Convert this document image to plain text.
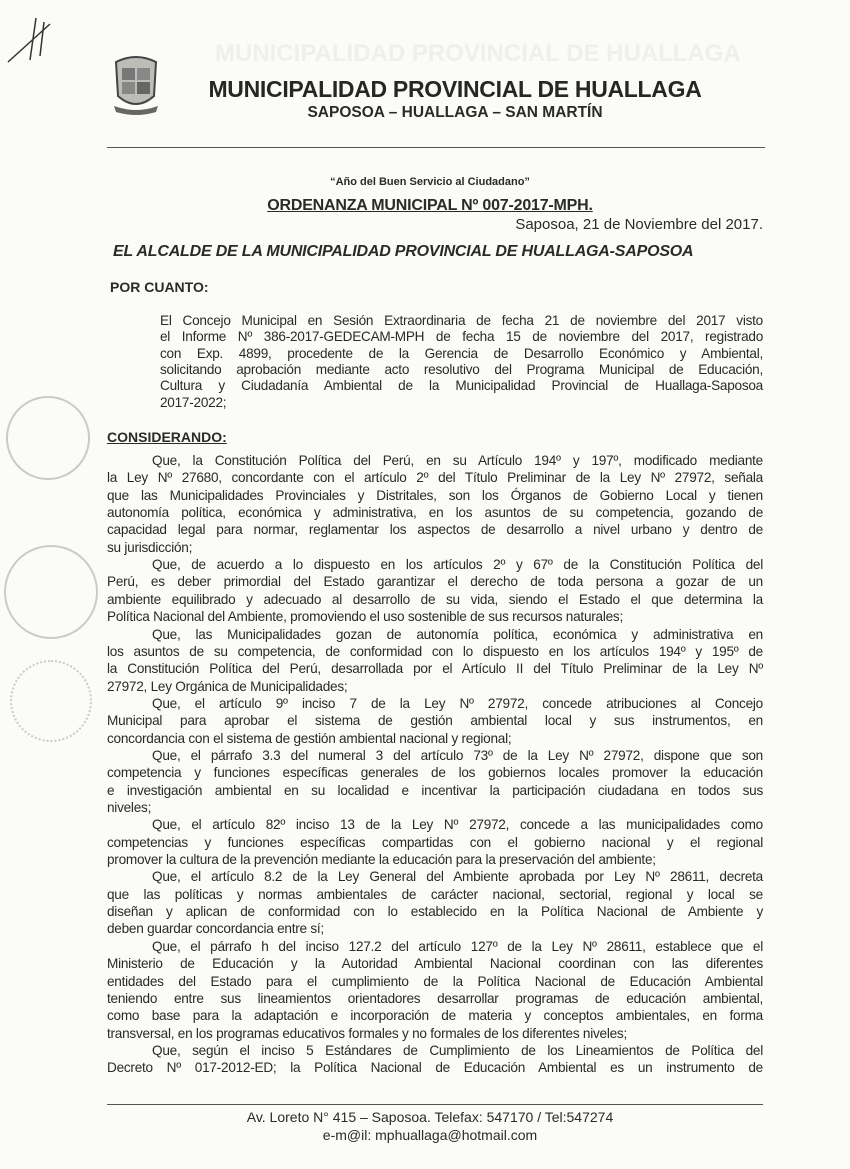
MUNICIPALIDAD PROVINCIAL DE HUALLAGA
MUNICIPALIDAD PROVINCIAL DE HUALLAGA
SAPOSOA – HUALLAGA – SAN MARTÍN
“Año del Buen Servicio al Ciudadano”
ORDENANZA MUNICIPAL Nº 007-2017-MPH.
Saposoa, 21 de Noviembre del 2017.
EL ALCALDE DE LA MUNICIPALIDAD PROVINCIAL DE HUALLAGA-SAPOSOA
POR CUANTO:
CONSIDERANDO:
El Concejo Municipal en Sesión Extraordinaria de fecha 21 de noviembre del 2017 visto
el Informe Nº 386-2017-GEDECAM-MPH de fecha 15 de noviembre del 2017, registrado
con Exp. 4899, procedente de la Gerencia de Desarrollo Económico y Ambiental,
solicitando aprobación mediante acto resolutivo del Programa Municipal de Educación,
Cultura y Ciudadanía Ambiental de la Municipalidad Provincial de Huallaga-Saposoa
2017-2022;
Que, la Constitución Política del Perú, en su Artículo 194º y 197º, modificado mediante
la Ley Nº 27680, concordante con el artículo 2º del Título Preliminar de la Ley Nº 27972, señala
que las Municipalidades Provinciales y Distritales, son los Órganos de Gobierno Local y tienen
autonomía política, económica y administrativa, en los asuntos de su competencia, gozando de
capacidad legal para normar, reglamentar los aspectos de desarrollo a nivel urbano y dentro de
su jurisdicción;
Que, de acuerdo a lo dispuesto en los artículos 2º y 67º de la Constitución Política del
Perú, es deber primordial del Estado garantizar el derecho de toda persona a gozar de un
ambiente equilibrado y adecuado al desarrollo de su vida, siendo el Estado el que determina la
Política Nacional del Ambiente, promoviendo el uso sostenible de sus recursos naturales;
Que, las Municipalidades gozan de autonomía política, económica y administrativa en
los asuntos de su competencia, de conformidad con lo dispuesto en los artículos 194º y 195º de
la Constitución Política del Perú, desarrollada por el Artículo II del Título Preliminar de la Ley Nº
27972, Ley Orgánica de Municipalidades;
Que, el artículo 9º inciso 7 de la Ley Nº 27972, concede atribuciones al Concejo
Municipal para aprobar el sistema de gestión ambiental local y sus instrumentos, en
concordancia con el sistema de gestión ambiental nacional y regional;
Que, el párrafo 3.3 del numeral 3 del artículo 73º de la Ley Nº 27972, dispone que son
competencia y funciones específicas generales de los gobiernos locales promover la educación
e investigación ambiental en su localidad e incentivar la participación ciudadana en todos sus
niveles;
Que, el artículo 82º inciso 13 de la Ley Nº 27972, concede a las municipalidades como
competencias y funciones específicas compartidas con el gobierno nacional y el regional
promover la cultura de la prevención mediante la educación para la preservación del ambiente;
Que, el artículo 8.2 de la Ley General del Ambiente aprobada por Ley Nº 28611, decreta
que las políticas y normas ambientales de carácter nacional, sectorial, regional y local se
diseñan y aplican de conformidad con lo establecido en la Política Nacional de Ambiente y
deben guardar concordancia entre sí;
Que, el párrafo h del inciso 127.2 del artículo 127º de la Ley Nº 28611, establece que el
Ministerio de Educación y la Autoridad Ambiental Nacional coordinan con las diferentes
entidades del Estado para el cumplimiento de la Política Nacional de Educación Ambiental
teniendo entre sus lineamientos orientadores desarrollar programas de educación ambiental,
como base para la adaptación e incorporación de materia y conceptos ambientales, en forma
transversal, en los programas educativos formales y no formales de los diferentes niveles;
Que, según el inciso 5 Estándares de Cumplimiento de los Lineamientos de Política del
Decreto Nº 017-2012-ED; la Política Nacional de Educación Ambiental es un instrumento de
Av. Loreto N° 415 – Saposoa. Telefax: 547170 / Tel:547274
e-m@il: mphuallaga@hotmail.com
